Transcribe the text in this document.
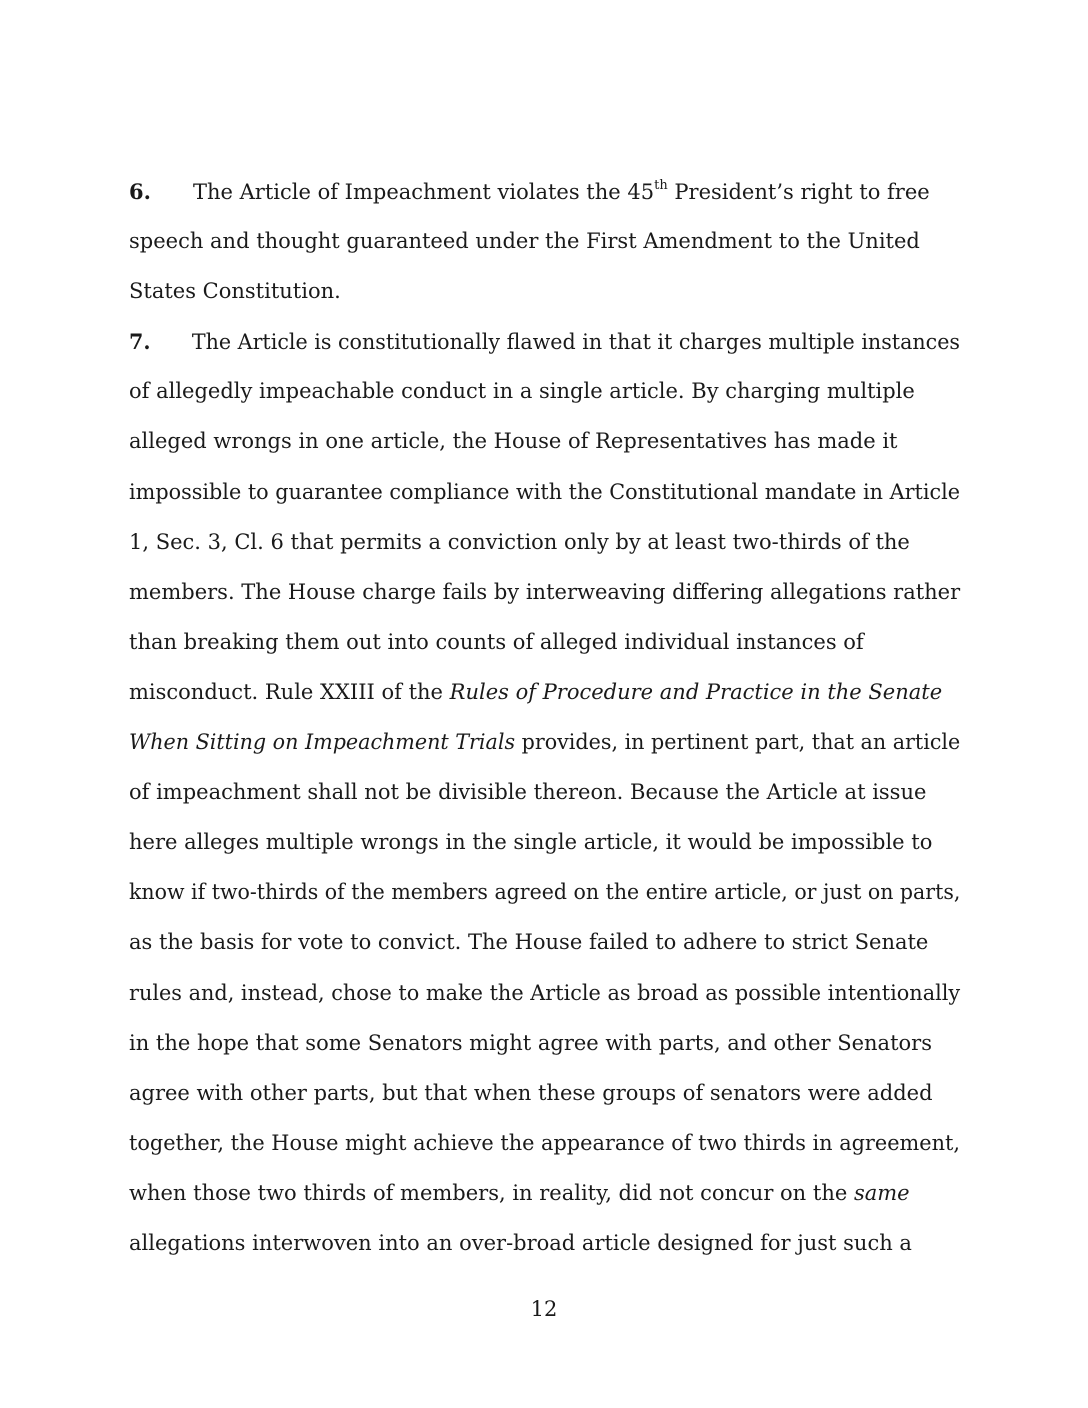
6. The Article of Impeachment violates the 45th President’s right to free
speech and thought guaranteed under the First Amendment to the United
States Constitution.
7. The Article is constitutionally flawed in that it charges multiple instances
of allegedly impeachable conduct in a single article. By charging multiple
alleged wrongs in one article, the House of Representatives has made it
impossible to guarantee compliance with the Constitutional mandate in Article
1, Sec. 3, Cl. 6 that permits a conviction only by at least two-thirds of the
members. The House charge fails by interweaving differing allegations rather
than breaking them out into counts of alleged individual instances of
misconduct. Rule XXIII of the Rules of Procedure and Practice in the Senate
When Sitting on Impeachment Trials provides, in pertinent part, that an article
of impeachment shall not be divisible thereon. Because the Article at issue
here alleges multiple wrongs in the single article, it would be impossible to
know if two-thirds of the members agreed on the entire article, or just on parts,
as the basis for vote to convict. The House failed to adhere to strict Senate
rules and, instead, chose to make the Article as broad as possible intentionally
in the hope that some Senators might agree with parts, and other Senators
agree with other parts, but that when these groups of senators were added
together, the House might achieve the appearance of two thirds in agreement,
when those two thirds of members, in reality, did not concur on the same
allegations interwoven into an over-broad article designed for just such a
12
